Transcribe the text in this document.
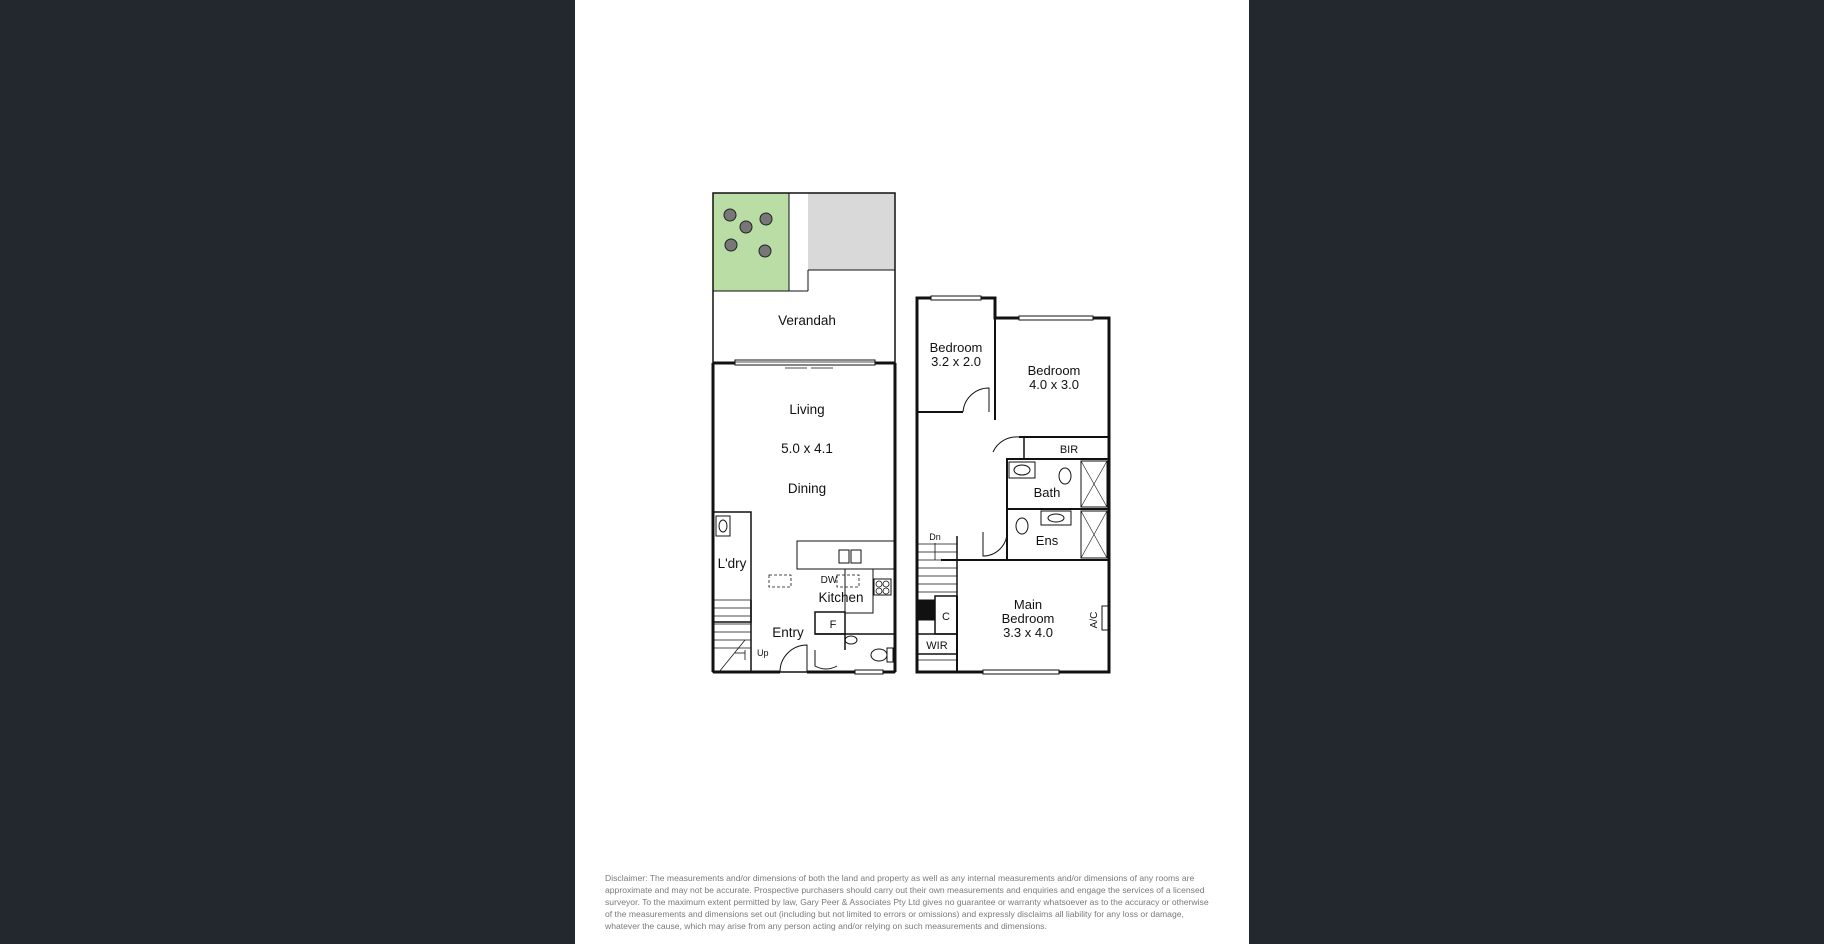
Verandah
Living
5.0 x 4.1
Dining
L'dry
DW
Kitchen
F
Entry
Up
Bedroom
3.2 x 2.0
Bedroom
4.0 x 3.0
BIR
Bath
Ens
Dn
Main
Bedroom
3.3 x 4.0
C
WIR
A/C
Disclaimer: The measurements and/or dimensions of both the land and property as well as any internal measurements and/or dimensions of any rooms are approximate and may not be accurate. Prospective purchasers should carry out their own measurements and enquiries and engage the services of a licensed surveyor. To the maximum extent permitted by law, Gary Peer & Associates Pty Ltd gives no guarantee or warranty whatsoever as to the accuracy or otherwise of the measurements and dimensions set out (including but not limited to errors or omissions) and expressly disclaims all liability for any loss or damage, whatever the cause, which may arise from any person acting and/or relying on such measurements and dimensions.
